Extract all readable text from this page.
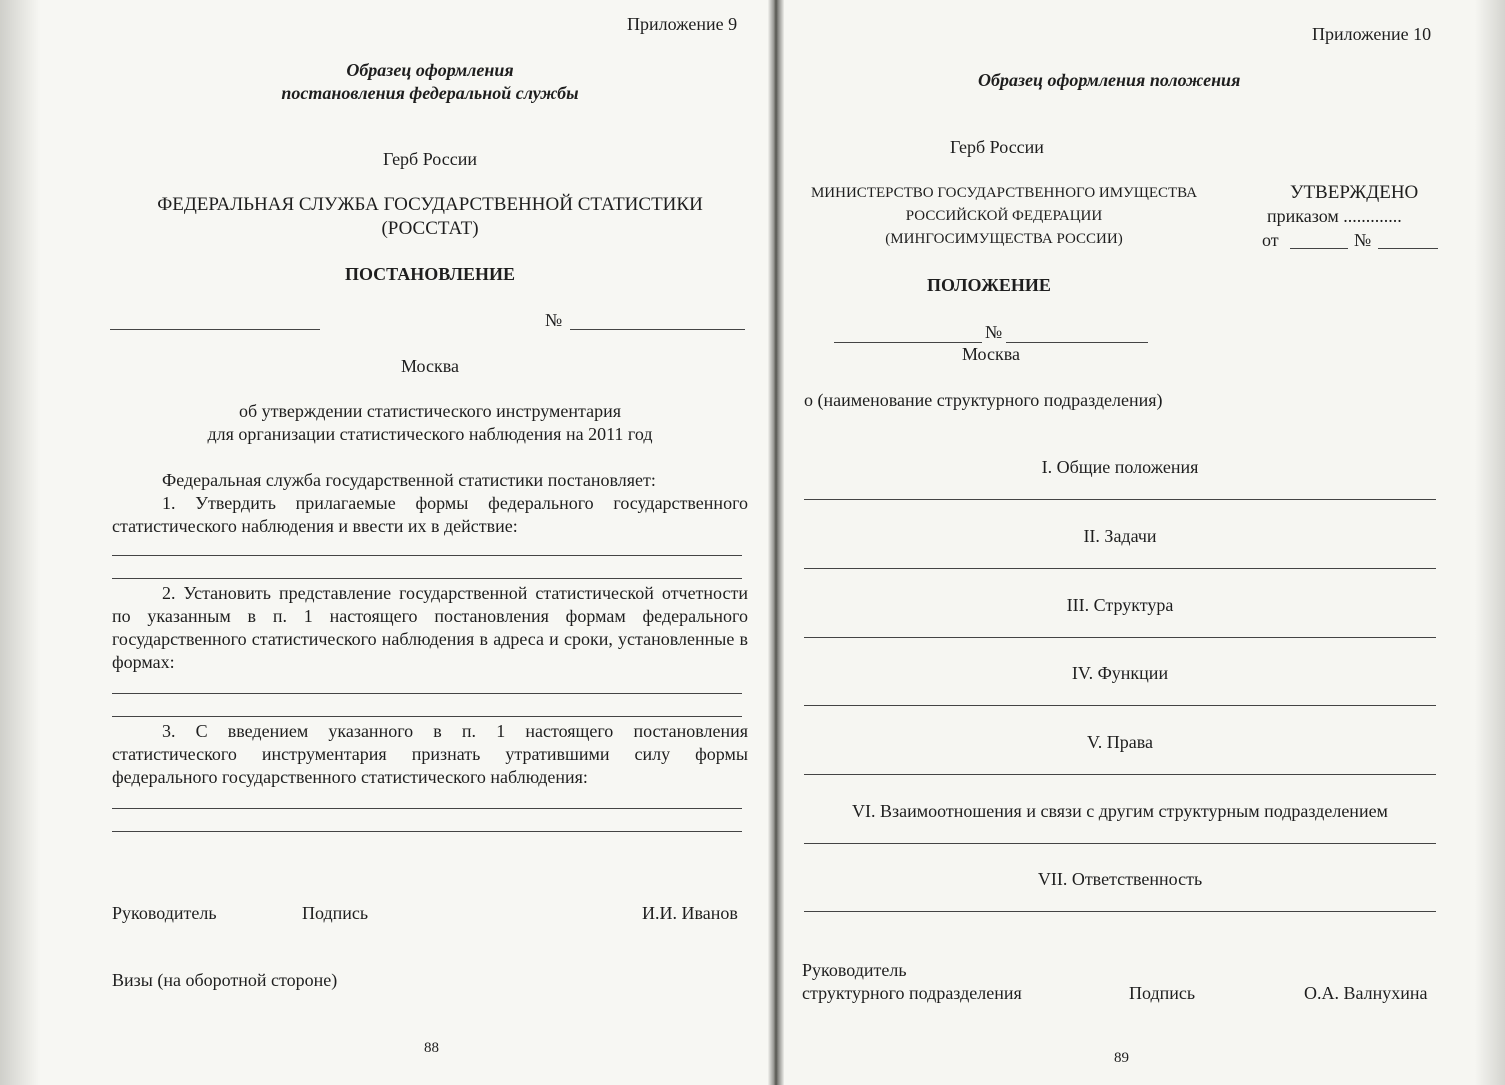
Приложение 9
Образец оформления
постановления федеральной службы
Герб России
ФЕДЕРАЛЬНАЯ СЛУЖБА ГОСУДАРСТВЕННОЙ СТАТИСТИКИ
(РОССТАТ)
ПОСТАНОВЛЕНИЕ
№
Москва
об утверждении статистического инструментария
для организации статистического наблюдения на 2011 год
Федеральная служба государственной статистики постановляет:
1. Утвердить прилагаемые формы федерального государственного статистического наблюдения и ввести их в действие:
2. Установить представление государственной статистической отчетности по указанным в п. 1 настоящего постановления формам федерального государственного статистического наблюдения в адреса и сроки, установленные в формах:
3. С введением указанного в п. 1 настоящего постановления статистического инструментария признать утратившими силу формы федерального государственного статистического наблюдения:
Руководитель	Подпись	И.И. Иванов
Визы (на оборотной стороне)
88
Приложение 10
Образец оформления положения
Герб России
МИНИСТЕРСТВО ГОСУДАРСТВЕННОГО ИМУЩЕСТВА
РОССИЙСКОЙ ФЕДЕРАЦИИ
(МИНГОСИМУЩЕСТВА РОССИИ)
УТВЕРЖДЕНО
приказом .............
от	№
ПОЛОЖЕНИЕ
№
Москва
о (наименование структурного подразделения)
I. Общие положения
II. Задачи
III. Структура
IV. Функции
V. Права
VI. Взаимоотношения и связи с другим структурным подразделением
VII. Ответственность
Руководитель
структурного подразделения	Подпись	О.А. Валнухина
89
